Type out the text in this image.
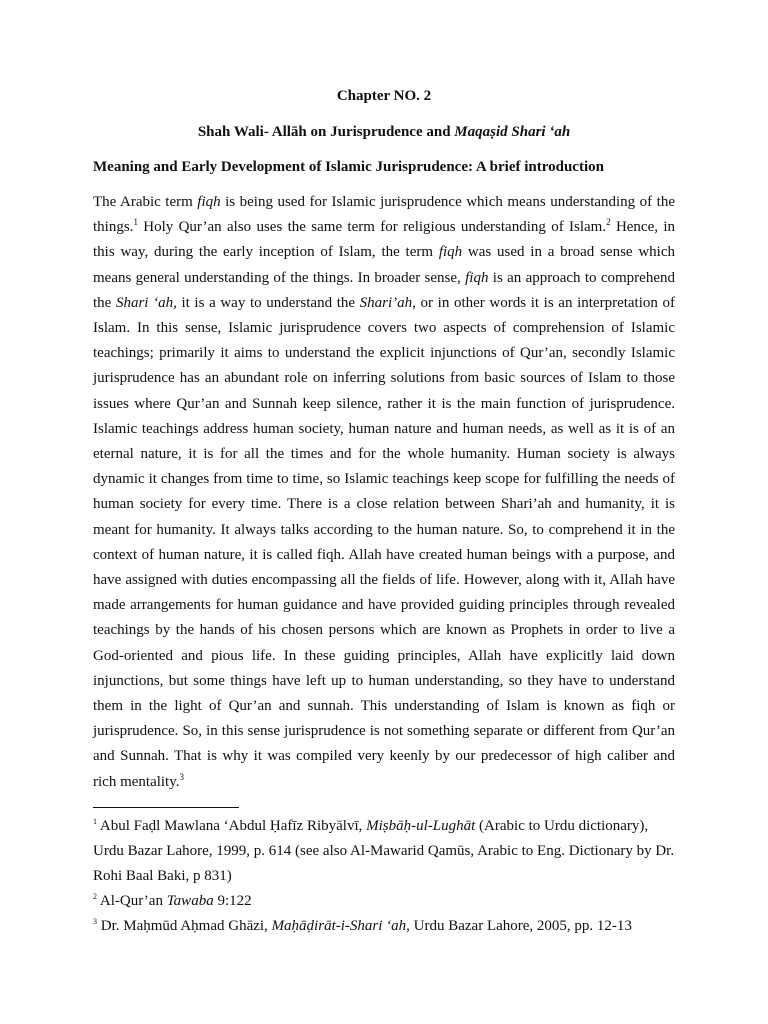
Chapter NO. 2

Shah Wali- Allāh on Jurisprudence and Maqaṣid Shari ‘ah

Meaning and Early Development of Islamic Jurisprudence: A brief introduction

The Arabic term fiqh is being used for Islamic jurisprudence which means understanding of the things.$^1$ Holy Qur’an also uses the same term for religious understanding of Islam.$^2$ Hence, in this way, during the early inception of Islam, the term fiqh was used in a broad sense which means general understanding of the things. In broader sense, fiqh is an approach to comprehend the Shari ‘ah, it is a way to understand the Shari’ah, or in other words it is an interpretation of Islam. In this sense, Islamic jurisprudence covers two aspects of comprehension of Islamic teachings; primarily it aims to understand the explicit injunctions of Qur’an, secondly Islamic jurisprudence has an abundant role on inferring solutions from basic sources of Islam to those issues where Qur’an and Sunnah keep silence, rather it is the main function of jurisprudence. Islamic teachings address human society, human nature and human needs, as well as it is of an eternal nature, it is for all the times and for the whole humanity. Human society is always dynamic it changes from time to time, so Islamic teachings keep scope for fulfilling the needs of human society for every time. There is a close relation between Shari’ah and humanity, it is meant for humanity. It always talks according to the human nature. So, to comprehend it in the context of human nature, it is called fiqh. Allah have created human beings with a purpose, and have assigned with duties encompassing all the fields of life. However, along with it, Allah have made arrangements for human guidance and have provided guiding principles through revealed teachings by the hands of his chosen persons which are known as Prophets in order to live a God-oriented and pious life. In these guiding principles, Allah have explicitly laid down injunctions, but some things have left up to human understanding, so they have to understand them in the light of Qur’an and sunnah. This understanding of Islam is known as fiqh or jurisprudence. So, in this sense jurisprudence is not something separate or different from Qur’an and Sunnah. That is why it was compiled very keenly by our predecessor of high caliber and rich mentality.$^3$

$^1$ Abul Faḍl Mawlana ‘Abdul Ḥafīz Ribyālvī, Miṣbāḥ-ul-Lughāt (Arabic to Urdu dictionary), Urdu Bazar Lahore, 1999, p. 614 (see also Al-Mawarid Qamūs, Arabic to Eng. Dictionary by Dr. Rohi Baal Baki, p 831)

$^2$ Al-Qur’an Tawaba 9:122

$^3$ Dr. Maḥmūd Aḥmad Ghāzi, Maḥāḍirāt-i-Shari ‘ah, Urdu Bazar Lahore, 2005, pp. 12-13
